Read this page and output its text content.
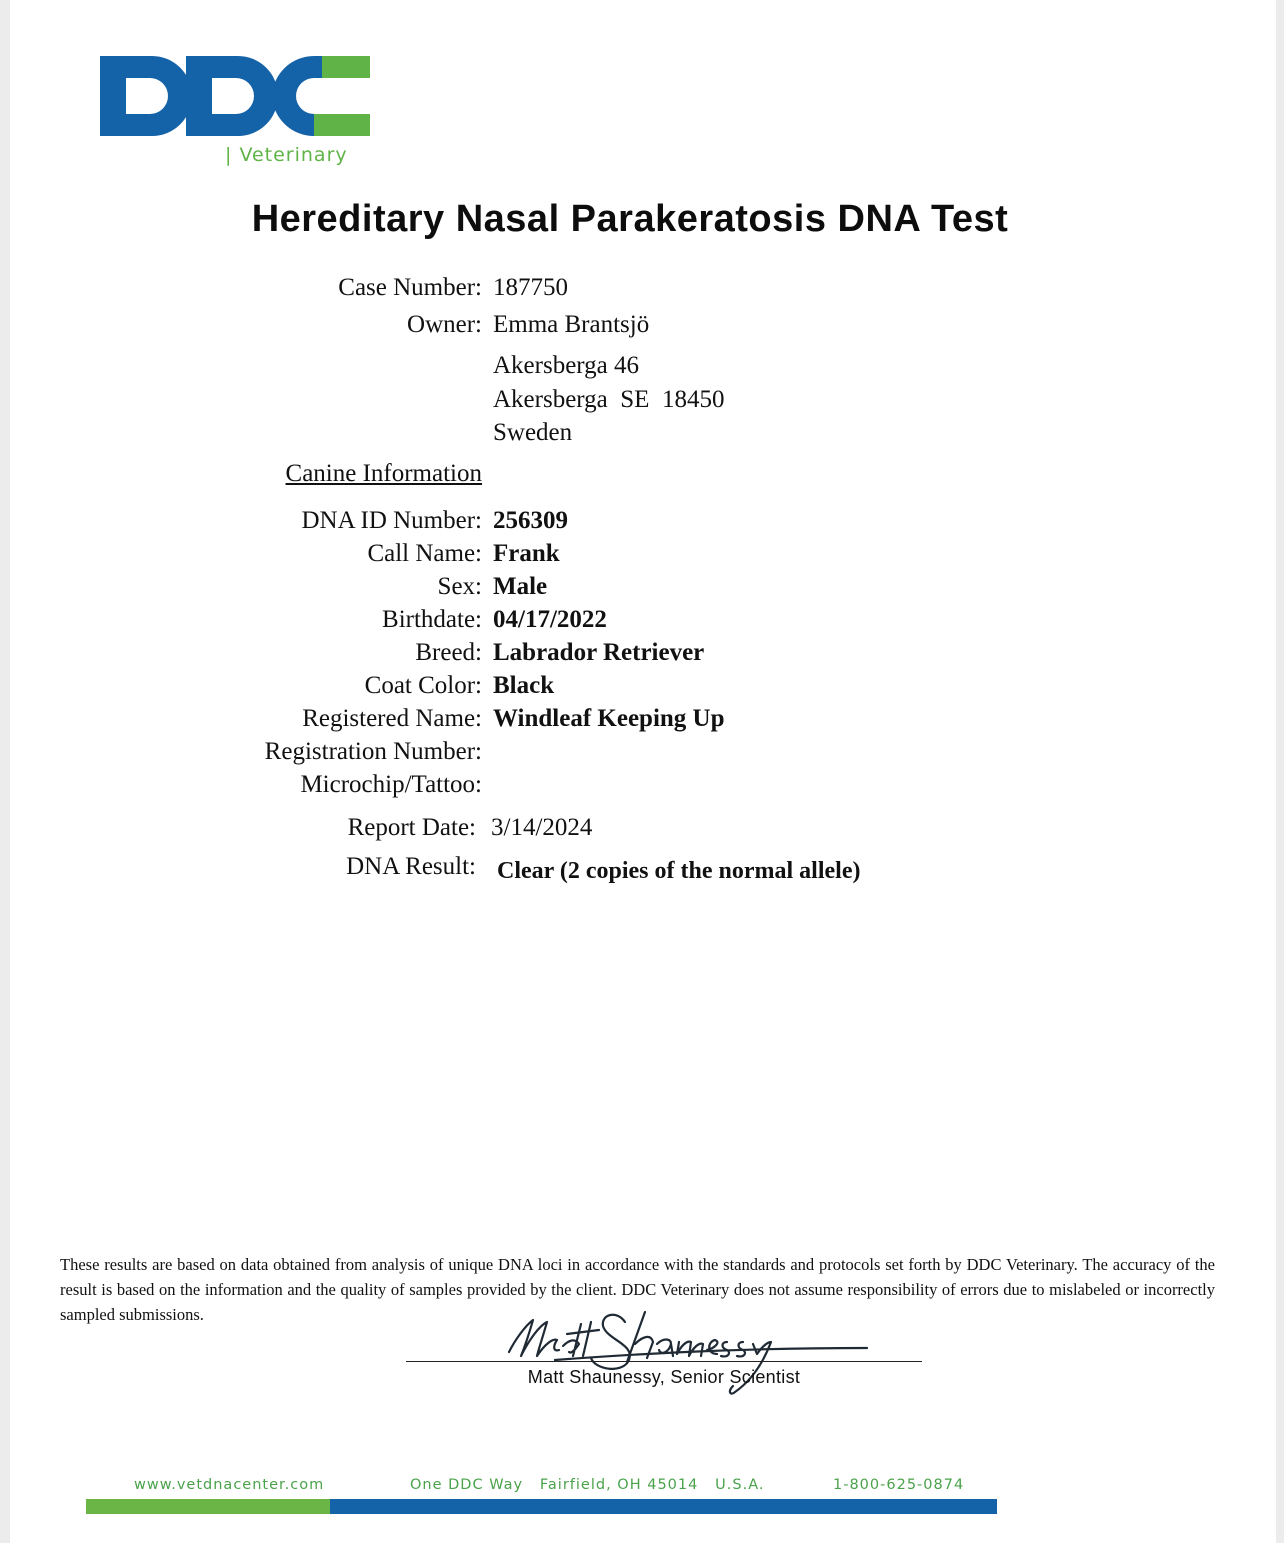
| Veterinary
Hereditary Nasal Parakeratosis DNA Test
Case Number: 187750
Owner: Emma Brantsjö
Akersberga 46
Akersberga  SE  18450
Sweden
Canine Information
DNA ID Number: 256309
Call Name: Frank
Sex: Male
Birthdate: 04/17/2022
Breed: Labrador Retriever
Coat Color: Black
Registered Name: Windleaf Keeping Up
Registration Number:
Microchip/Tattoo:
Report Date: 3/14/2024
DNA Result: Clear (2 copies of the normal allele)
These results are based on data obtained from analysis of unique DNA loci in accordance with the standards and protocols set forth by DDC Veterinary. The accuracy of the result is based on the information and the quality of samples provided by the client. DDC Veterinary does not assume responsibility of errors due to mislabeled or incorrectly sampled submissions.
Matt Shaunessy, Senior Scientist
www.vetdnacenter.com	One DDC Way   Fairfield, OH 45014   U.S.A.	1-800-625-0874
